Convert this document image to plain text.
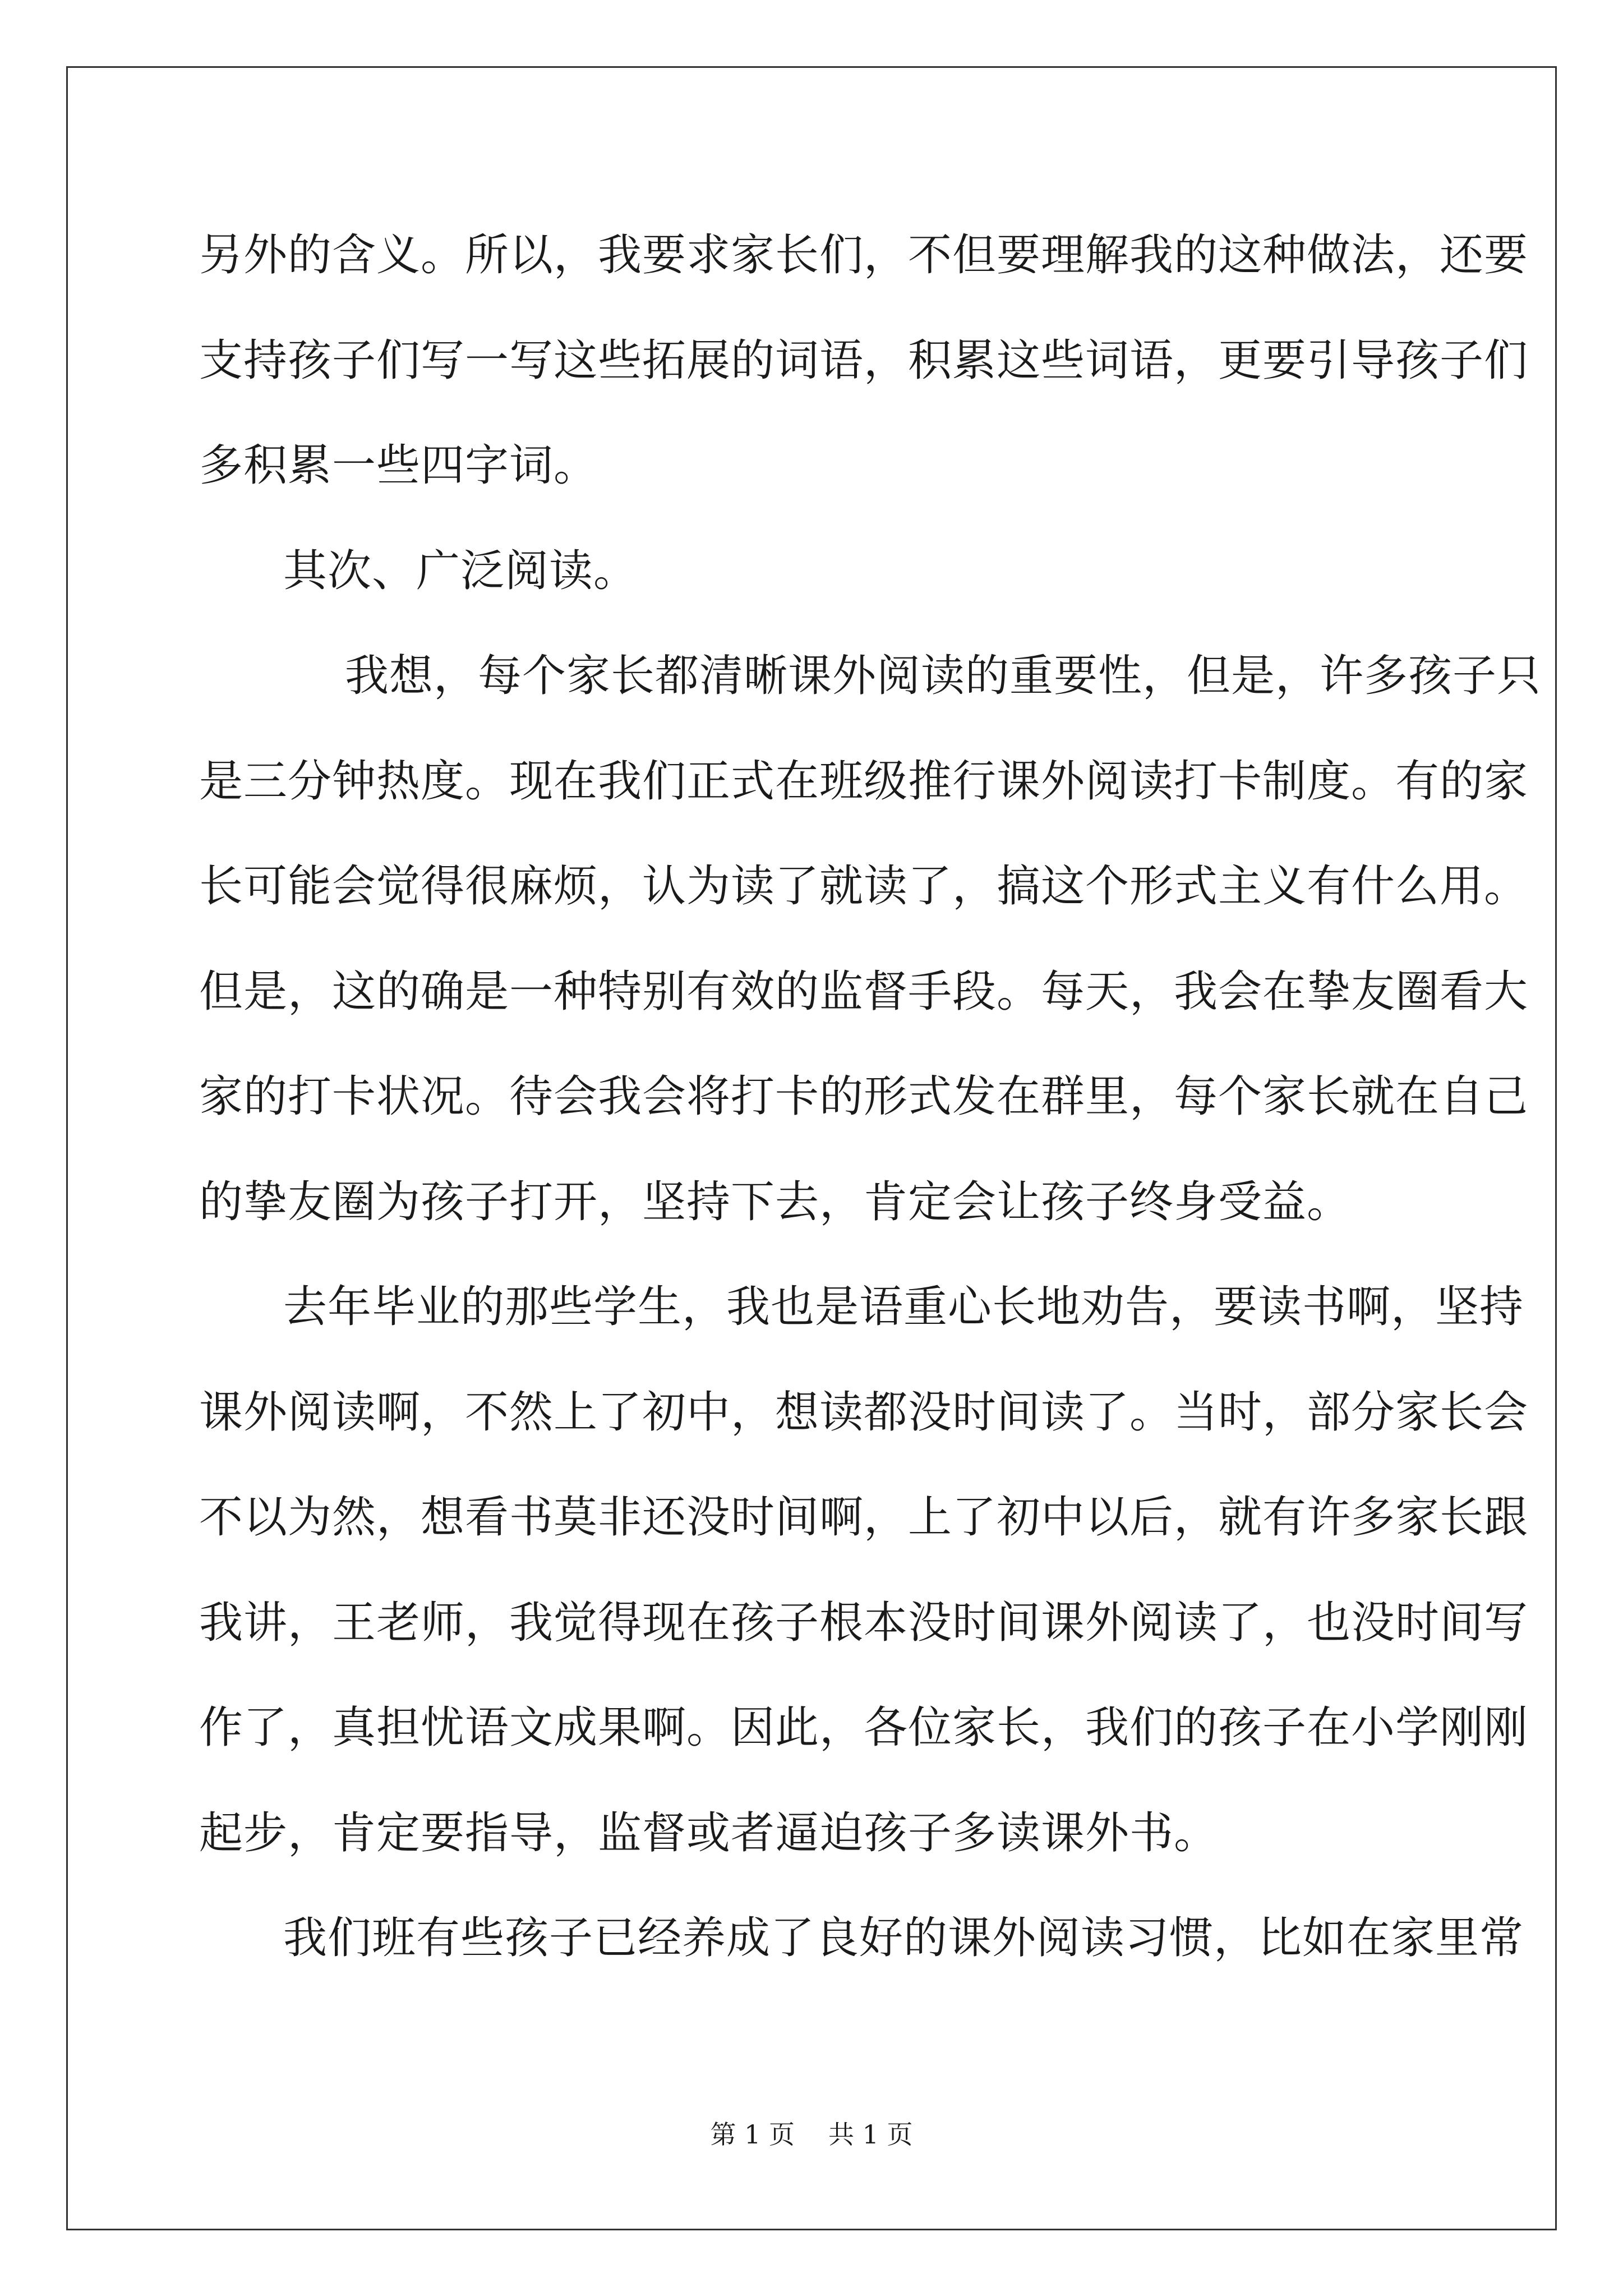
另外的含义。所以，我要求家长们，不但要理解我的这种做法，还要
支持孩子们写一写这些拓展的词语，积累这些词语，更要引导孩子们
多积累一些四字词。
其次、广泛阅读。
我想，每个家长都清晰课外阅读的重要性，但是，许多孩子只
是三分钟热度。现在我们正式在班级推行课外阅读打卡制度。有的家
长可能会觉得很麻烦，认为读了就读了，搞这个形式主义有什么用。
但是，这的确是一种特别有效的监督手段。每天，我会在挚友圈看大
家的打卡状况。待会我会将打卡的形式发在群里，每个家长就在自己
的挚友圈为孩子打开，坚持下去，肯定会让孩子终身受益。
去年毕业的那些学生，我也是语重心长地劝告，要读书啊，坚持
课外阅读啊，不然上了初中，想读都没时间读了。当时，部分家长会
不以为然，想看书莫非还没时间啊，上了初中以后，就有许多家长跟
我讲，王老师，我觉得现在孩子根本没时间课外阅读了，也没时间写
作了，真担忧语文成果啊。因此，各位家长，我们的孩子在小学刚刚
起步，肯定要指导，监督或者逼迫孩子多读课外书。
我们班有些孩子已经养成了良好的课外阅读习惯，比如在家里常
第 1 页 共 1 页
